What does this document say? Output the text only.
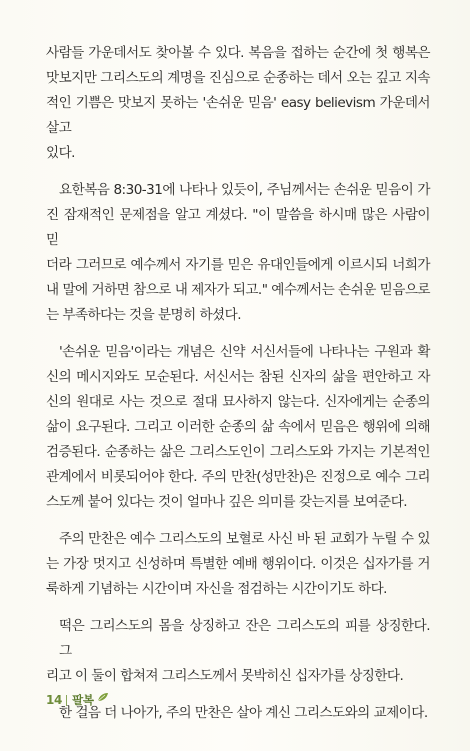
사람들 가운데서도 찾아볼 수 있다. 복음을 접하는 순간에 첫 행복은
맛보지만 그리스도의 계명을 진심으로 순종하는 데서 오는 깊고 지속
적인 기쁨은 맛보지 못하는 '손쉬운 믿음' easy believism 가운데서 살고
있다.
요한복음 8:30-31에 나타나 있듯이, 주님께서는 손쉬운 믿음이 가
진 잠재적인 문제점을 알고 계셨다. "이 말씀을 하시매 많은 사람이 믿
더라 그러므로 예수께서 자기를 믿은 유대인들에게 이르시되 너희가
내 말에 거하면 참으로 내 제자가 되고." 예수께서는 손쉬운 믿음으로
는 부족하다는 것을 분명히 하셨다.
'손쉬운 믿음'이라는 개념은 신약 서신서들에 나타나는 구원과 확
신의 메시지와도 모순된다. 서신서는 참된 신자의 삶을 편안하고 자
신의 원대로 사는 것으로 절대 묘사하지 않는다. 신자에게는 순종의
삶이 요구된다. 그리고 이러한 순종의 삶 속에서 믿음은 행위에 의해
검증된다. 순종하는 삶은 그리스도인이 그리스도와 가지는 기본적인
관계에서 비롯되어야 한다. 주의 만찬(성만찬)은 진정으로 예수 그리
스도께 붙어 있다는 것이 얼마나 깊은 의미를 갖는지를 보여준다.
주의 만찬은 예수 그리스도의 보혈로 사신 바 된 교회가 누릴 수 있
는 가장 멋지고 신성하며 특별한 예배 행위이다. 이것은 십자가를 거
룩하게 기념하는 시간이며 자신을 점검하는 시간이기도 하다.
떡은 그리스도의 몸을 상징하고 잔은 그리스도의 피를 상징한다. 그
리고 이 둘이 합쳐져 그리스도께서 못박히신 십자가를 상징한다.
한 걸음 더 나아가, 주의 만찬은 살아 계신 그리스도와의 교제이다.
14 팔복
